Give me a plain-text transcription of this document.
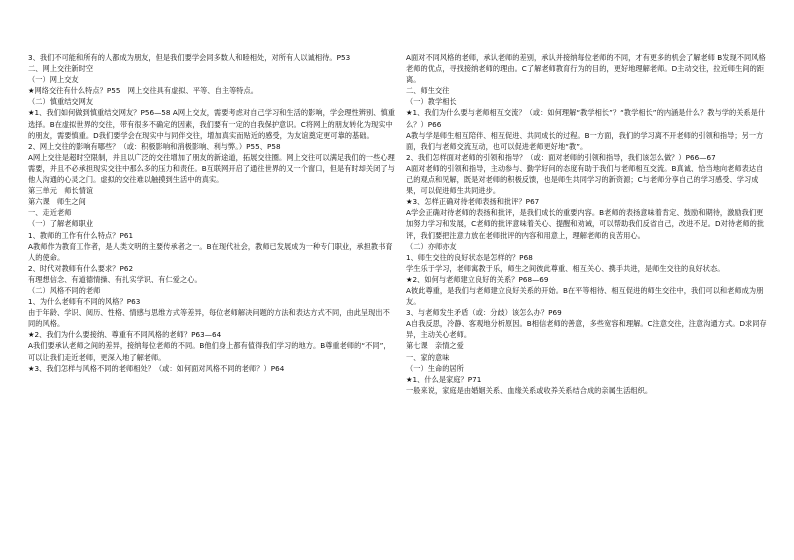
3、我们不可能和所有的人都成为朋友，但是我们要学会同多数人和睦相处，对所有人以诚相待。P53

二、网上交往新时空

（一）网上交友

★网络交往有什么特点？P55　网上交往具有虚拟、平等、自主等特点。

（二）慎重结交网友

★1、我们如何做到慎重结交网友？P56—58 A网上交友，需要考虑对自己学习和生活的影响，学会理性辨别、慎重选择。B在虚拟世界的交往，带有很多不确定的因素，我们要有一定的自我保护意识。C将网上的朋友转化为现实中的朋友，需要慎重。D我们要学会在现实中与同伴交往，增加真实而贴近的感受，为友谊奠定更可靠的基础。

2、网上交往的影响有哪些？（或：积极影响和消极影响、利与弊。）P55、P58

A网上交往是超时空限制，并且以广泛的交往增加了朋友的新途道，拓展交往圈。网上交往可以满足我们的一些心理需要，并且不必承担现实交往中那么多的压力和责任。B互联网开启了通往世界的又一个窗口，但是有时却关闭了与他人沟通的心灵之门。虚拟的交往难以触摸到生活中的真实。

第三单元　师长情谊

第六课　师生之间

一、走近老师

（一）了解老师职业

1、教师的工作有什么特点？P61

A教师作为教育工作者，是人类文明的主要传承者之一。B在现代社会，教师已发展成为一种专门职业，承担教书育人的使命。

2、时代对教师有什么要求？P62

有理想信念、有道德情操、有扎实学识、有仁爱之心。

（二）风格不同的老师

1、为什么老师有不同的风格？P63

由于年龄、学识、阅历、性格、情感与思维方式等差异，每位老师解决问题的方法和表达方式不同，由此呈现出不同的风格。

★2、我们为什么要接纳、尊重有不同风格的老师？P63—64

A我们要承认老师之间的差异，接纳每位老师的不同。B他们身上都有值得我们学习的地方。B尊重老师的“不同”，可以让我们走近老师，更深入地了解老师。

★3、我们怎样与风格不同的老师相处？（或：如何面对风格不同的老师？）P64

A面对不同风格的老师，承认老师的差别，承认并接纳每位老师的不同，才有更多的机会了解老师 B发现不同风格老师的优点，寻找接纳老师的理由。C了解老师教育行为的目的，更好地理解老师。D主动交往，拉近师生间的距离。

二、师生交往

（一）教学相长

★1、我们为什么要与老师相互交流？（或：如何理解“教学相长”？“教学相长”的内涵是什么？教与学的关系是什么？）P66

A教与学是师生相互陪伴、相互促进、共同成长的过程。B一方面，我们的学习离不开老师的引领和指导；另一方面，我们与老师交流互动，也可以促进老师更好地“教”。

2、我们怎样面对老师的引领和指导？（或：面对老师的引领和指导，我们该怎么做？）P66—67

A面对老师的引领和指导，主动参与、勤学好问的态度有助于我们与老师相互交流。B真诚、恰当地向老师表达自己的观点和见解，既是对老师的积极反馈，也是师生共同学习的新资源；C与老师分享自己的学习感受、学习成果，可以促进师生共同进步。

★3、怎样正确对待老师表扬和批评？P67

A学会正确对待老师的表扬和批评，是我们成长的重要内容。B老师的表扬意味着肯定、鼓励和期待，激励我们更加努力学习和发展，C老师的批评意味着关心、提醒和劝诫，可以帮助我们反省自己，改进不足。D对待老师的批评，我们要把注意力放在老师批评的内容和用意上，理解老师的良苦用心。

（二）亦师亦友

1、师生交往的良好状态是怎样的？P68

学生乐于学习，老师寓教于乐，师生之间彼此尊重、相互关心、携手共进，是师生交往的良好状态。

★2、如何与老师建立良好的关系？P68—69

A彼此尊重，是我们与老师建立良好关系的开始。B在平等相待、相互促进的师生交往中，我们可以和老师成为朋友。

3、与老师发生矛盾（或：分歧）该怎么办？P69

A自我反思，冷静、客观地分析原因。B相信老师的善意，多些宽容和理解。C注意交往，注意沟通方式。D求同存异，主动关心老师。

第七课　亲情之爱

一、家的意味

（一）生命的居所

★1、什么是家庭？P71

一般来说，家庭是由婚姻关系、血缘关系或收养关系结合成的亲属生活组织。
